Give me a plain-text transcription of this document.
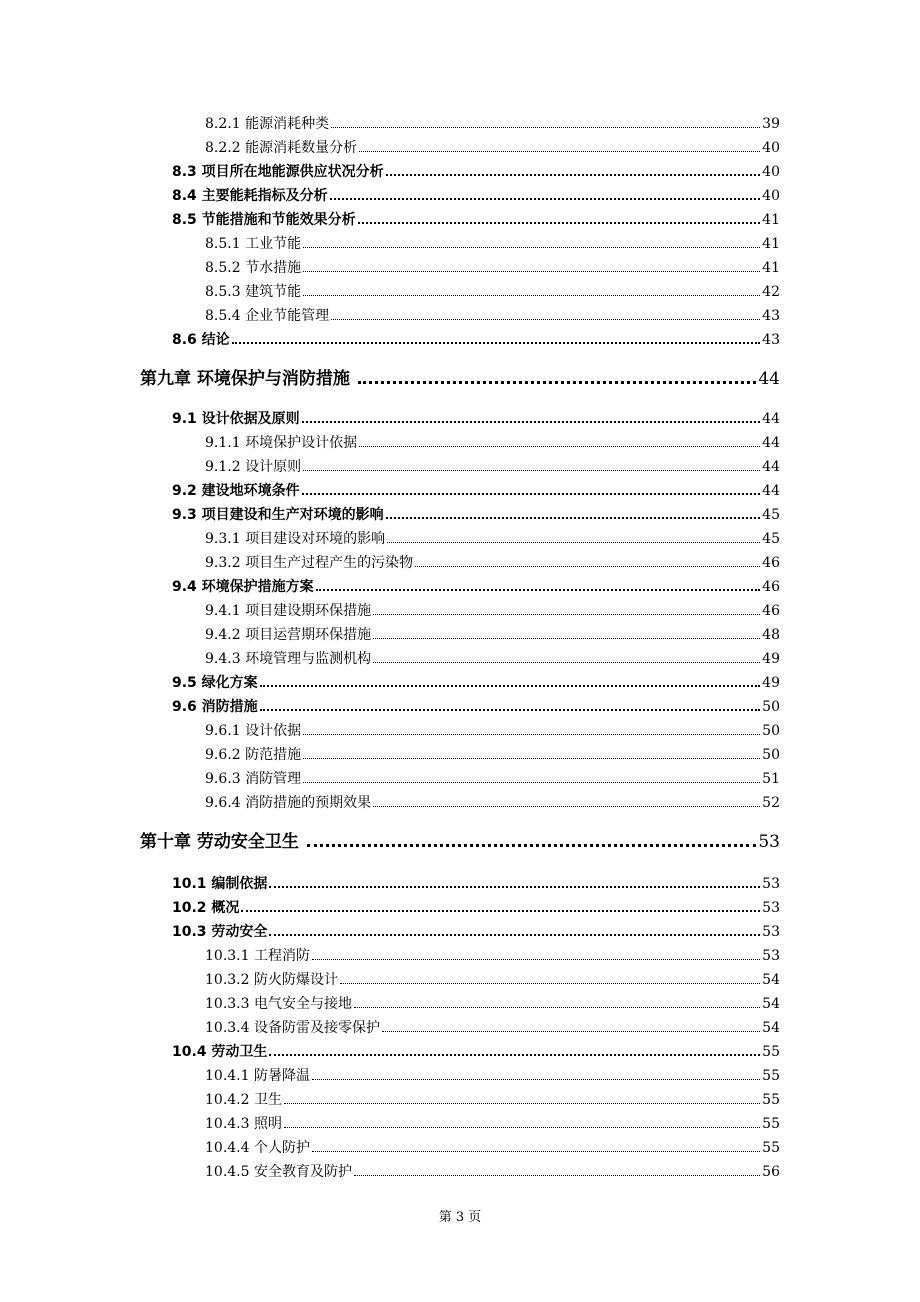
8.2.1 能源消耗种类	39
8.2.2 能源消耗数量分析	40
8.3 项目所在地能源供应状况分析	40
8.4 主要能耗指标及分析	40
8.5 节能措施和节能效果分析	41
8.5.1 工业节能	41
8.5.2 节水措施	41
8.5.3 建筑节能	42
8.5.4 企业节能管理	43
8.6 结论	43
第九章 环境保护与消防措施	44
9.1 设计依据及原则	44
9.1.1 环境保护设计依据	44
9.1.2 设计原则	44
9.2 建设地环境条件	44
9.3 项目建设和生产对环境的影响	45
9.3.1 项目建设对环境的影响	45
9.3.2 项目生产过程产生的污染物	46
9.4 环境保护措施方案	46
9.4.1 项目建设期环保措施	46
9.4.2 项目运营期环保措施	48
9.4.3 环境管理与监测机构	49
9.5 绿化方案	49
9.6 消防措施	50
9.6.1 设计依据	50
9.6.2 防范措施	50
9.6.3 消防管理	51
9.6.4 消防措施的预期效果	52
第十章 劳动安全卫生	53
10.1 编制依据	53
10.2 概况	53
10.3 劳动安全	53
10.3.1 工程消防	53
10.3.2 防火防爆设计	54
10.3.3 电气安全与接地	54
10.3.4 设备防雷及接零保护	54
10.4 劳动卫生	55
10.4.1 防暑降温	55
10.4.2 卫生	55
10.4.3 照明	55
10.4.4 个人防护	55
10.4.5 安全教育及防护	56
第 3 页
